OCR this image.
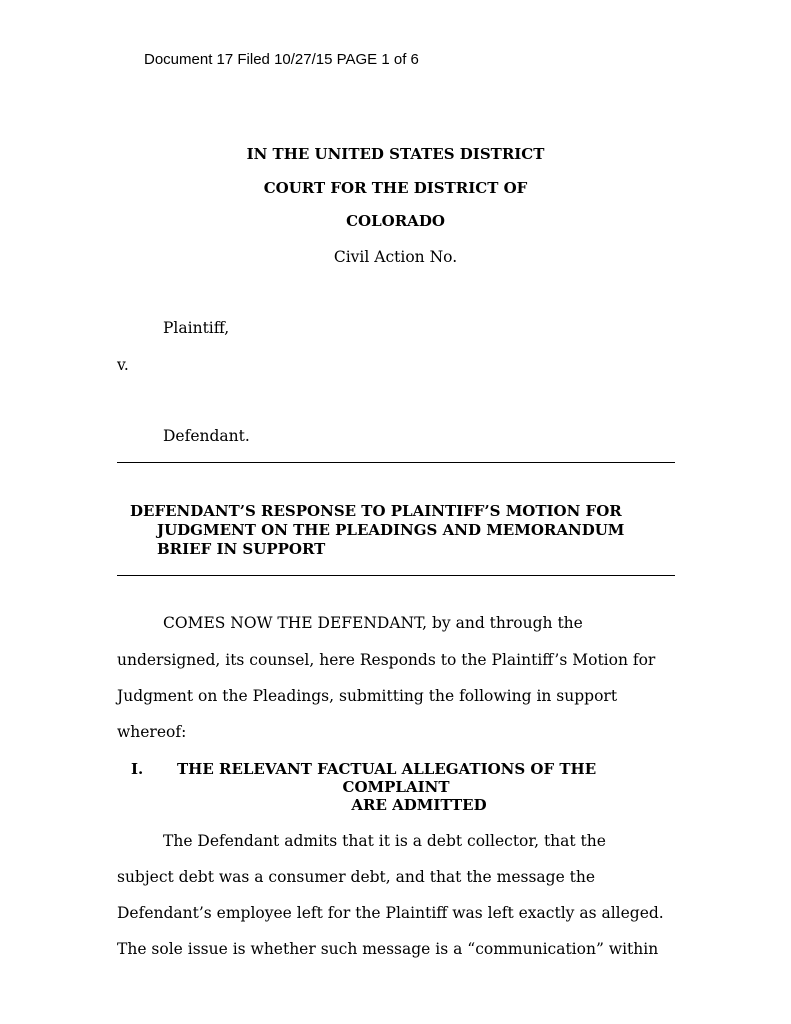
Document 17 Filed 10/27/15 PAGE 1 of 6
IN THE UNITED STATES DISTRICT
COURT FOR THE DISTRICT OF
COLORADO
Civil Action No.
Plaintiff,
v.
Defendant.
DEFENDANT’S RESPONSE TO PLAINTIFF’S MOTION FOR
JUDGMENT ON THE PLEADINGS AND MEMORANDUM
BRIEF IN SUPPORT
COMES NOW THE DEFENDANT, by and through the
undersigned, its counsel, here Responds to the Plaintiff’s Motion for
Judgment on the Pleadings, submitting the following in support
whereof:
I. THE RELEVANT FACTUAL ALLEGATIONS OF THE
COMPLAINT
ARE ADMITTED
The Defendant admits that it is a debt collector, that the
subject debt was a consumer debt, and that the message the
Defendant’s employee left for the Plaintiff was left exactly as alleged.
The sole issue is whether such message is a “communication” within
